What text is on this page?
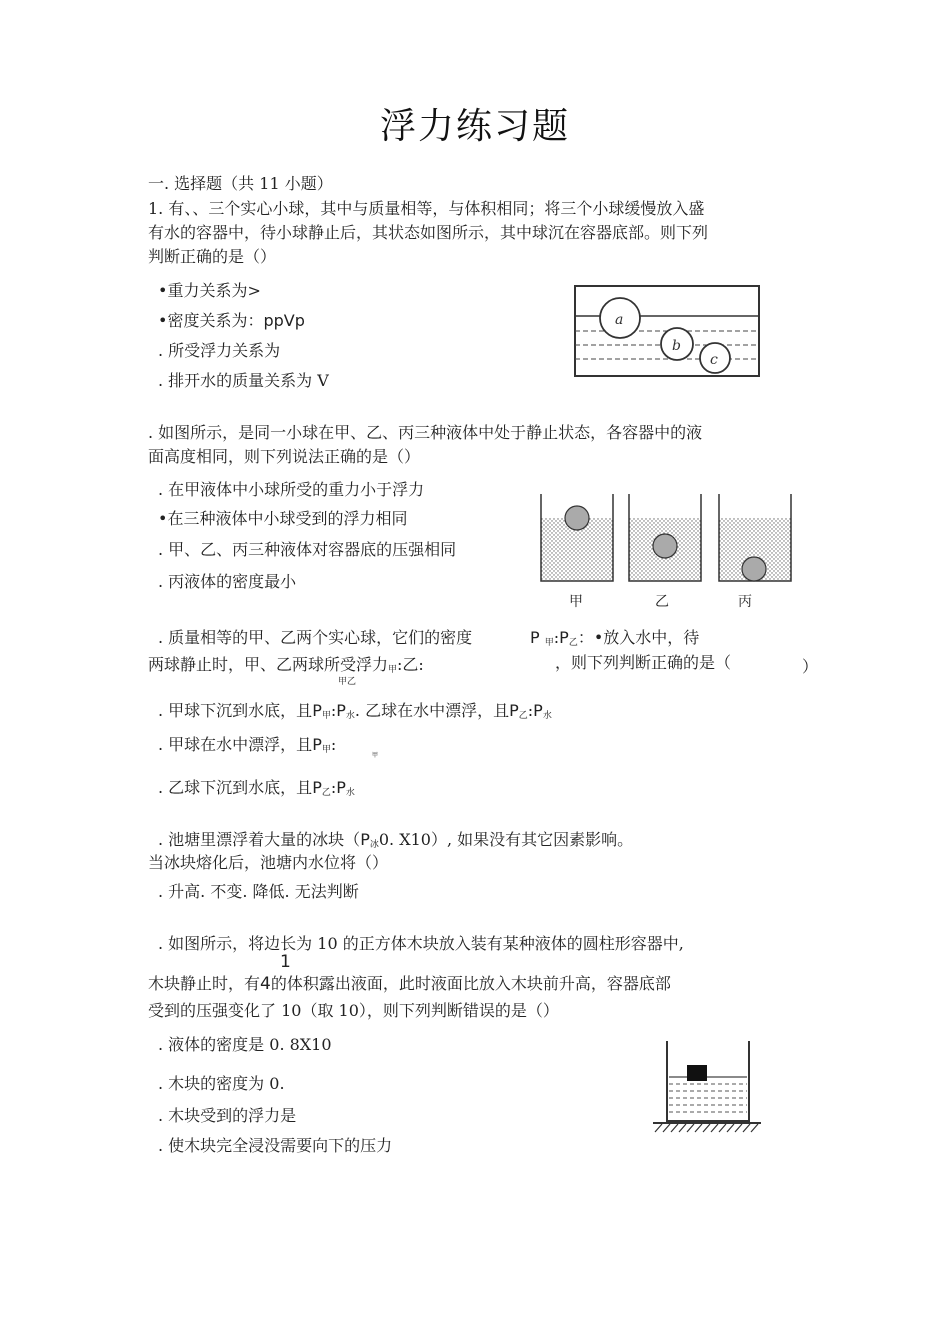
浮力练习题
一. 选择题（共 11 小题）
1. 有、、三个实心小球，其中与质量相等，与体积相同；将三个小球缓慢放入盛
有水的容器中，待小球静止后，其状态如图所示，其中球沉在容器底部。则下列
判断正确的是（）
•重力关系为>
•密度关系为：ppVp
. 所受浮力关系为
. 排开水的质量关系为 V
a
b
c
. 如图所示，是同一小球在甲、乙、丙三种液体中处于静止状态，各容器中的液
面高度相同，则下列说法正确的是（）
. 在甲液体中小球所受的重力小于浮力
•在三种液体中小球受到的浮力相同
. 甲、乙、丙三种液体对容器底的压强相同
. 丙液体的密度最小
甲	乙	丙
. 质量相等的甲、乙两个实心球，它们的密度	P $_甲:P_乙$：•放入水中，待
两球静止时，甲、乙两球所受浮力$_甲$:乙:	，则下列判断正确的是（	）
甲乙
. 甲球下沉到水底，且$P_甲:P_水$. 乙球在水中漂浮，且$P_乙:P_水$
. 甲球在水中漂浮，且$P_甲$:
甲
. 乙球下沉到水底，且$P_乙:P_水$
. 池塘里漂浮着大量的冰块（$P_冰0$. X10）, 如果没有其它因素影响。
当冰块熔化后，池塘内水位将（）
. 升高. 不变. 降低. 无法判断
. 如图所示，将边长为 10 的正方体木块放入装有某种液体的圆柱形容器中,
1
木块静止时，有4的体积露出液面，此时液面比放入木块前升高，容器底部
受到的压强变化了 10（取 10），则下列判断错误的是（）
. 液体的密度是 0. 8X10
. 木块的密度为 0.
. 木块受到的浮力是
. 使木块完全浸没需要向下的压力
